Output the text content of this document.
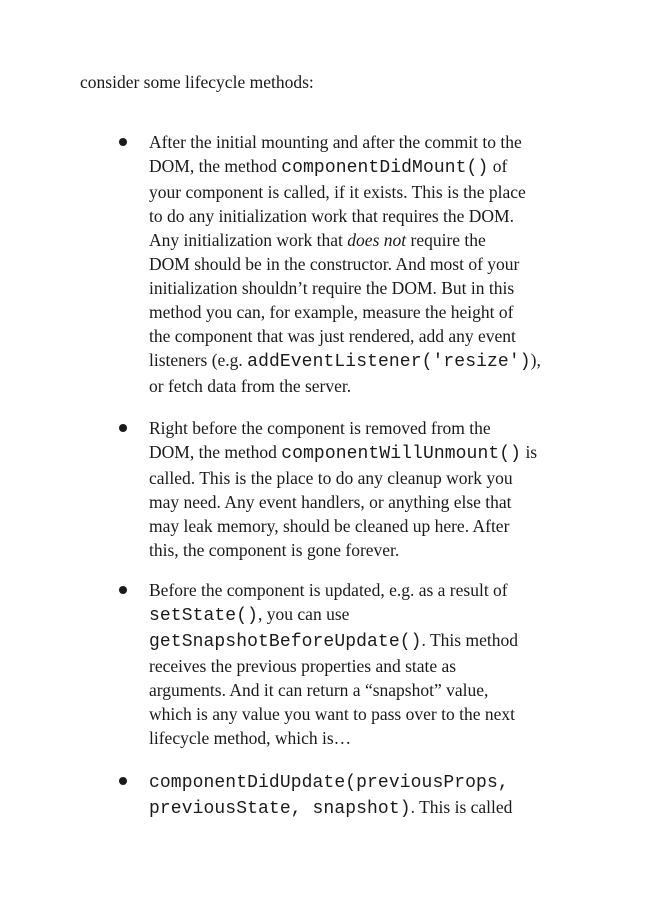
consider some lifecycle methods:

After the initial mounting and after the commit to the
DOM, the method componentDidMount() of
your component is called, if it exists. This is the place
to do any initialization work that requires the DOM.
Any initialization work that does not require the
DOM should be in the constructor. And most of your
initialization shouldn’t require the DOM. But in this
method you can, for example, measure the height of
the component that was just rendered, add any event
listeners (e.g. addEventListener('resize')),
or fetch data from the server.
Right before the component is removed from the
DOM, the method componentWillUnmount() is
called. This is the place to do any cleanup work you
may need. Any event handlers, or anything else that
may leak memory, should be cleaned up here. After
this, the component is gone forever.
Before the component is updated, e.g. as a result of
setState(), you can use
getSnapshotBeforeUpdate(). This method
receives the previous properties and state as
arguments. And it can return a “snapshot” value,
which is any value you want to pass over to the next
lifecycle method, which is…
componentDidUpdate(previousProps,
previousState, snapshot). This is called
